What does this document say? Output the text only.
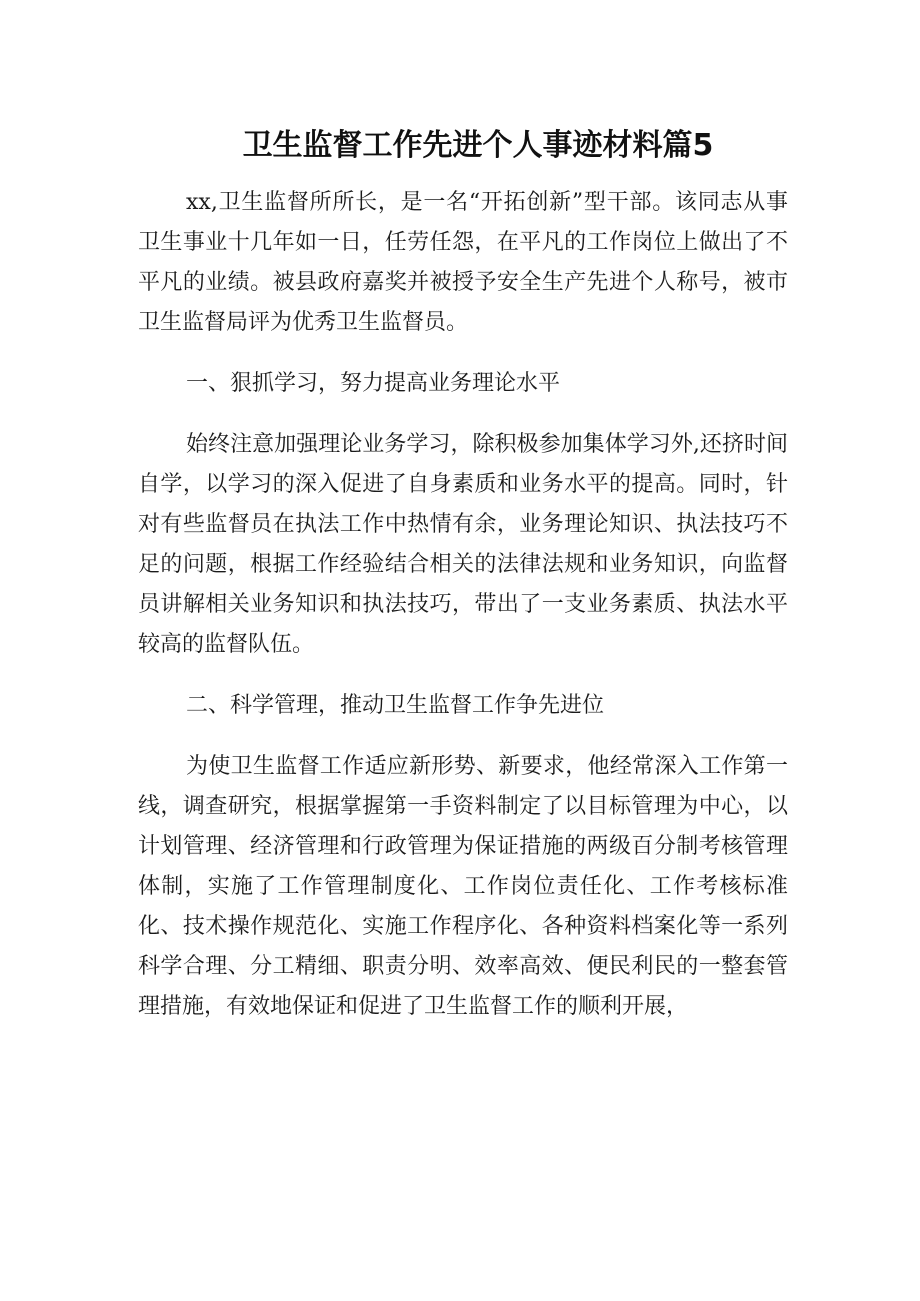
卫生监督工作先进个人事迹材料篇5

xx,卫生监督所所长，是一名“开拓创新”型干部。该同志从事卫生事业十几年如一日，任劳任怨，在平凡的工作岗位上做出了不平凡的业绩。被县政府嘉奖并被授予安全生产先进个人称号，被市卫生监督局评为优秀卫生监督员。

一、狠抓学习，努力提高业务理论水平

始终注意加强理论业务学习，除积极参加集体学习外,还挤时间自学，以学习的深入促进了自身素质和业务水平的提高。同时，针对有些监督员在执法工作中热情有余，业务理论知识、执法技巧不足的问题，根据工作经验结合相关的法律法规和业务知识，向监督员讲解相关业务知识和执法技巧，带出了一支业务素质、执法水平较高的监督队伍。

二、科学管理，推动卫生监督工作争先进位

为使卫生监督工作适应新形势、新要求，他经常深入工作第一线，调查研究，根据掌握第一手资料制定了以目标管理为中心，以计划管理、经济管理和行政管理为保证措施的两级百分制考核管理体制，实施了工作管理制度化、工作岗位责任化、工作考核标准化、技术操作规范化、实施工作程序化、各种资料档案化等一系列科学合理、分工精细、职责分明、效率高效、便民利民的一整套管理措施，有效地保证和促进了卫生监督工作的顺利开展，
